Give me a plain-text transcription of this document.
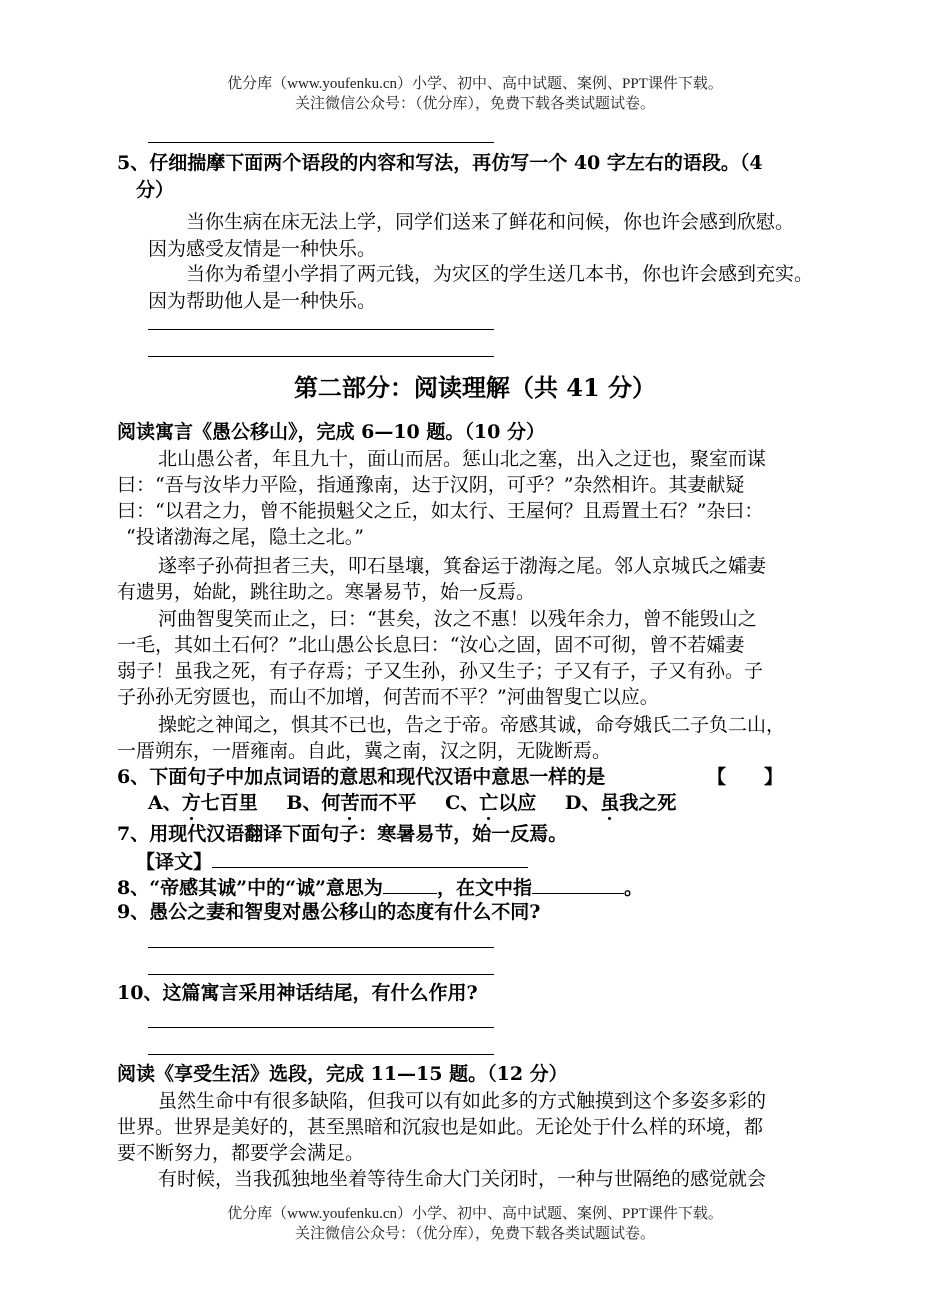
优分库（www.youfenku.cn）小学、初中、高中试题、案例、PPT课件下载。
关注微信公众号：（优分库），免费下载各类试题试卷。
5、仔细揣摩下面两个语段的内容和写法，再仿写一个 40 字左右的语段。（4
分）
当你生病在床无法上学，同学们送来了鲜花和问候，你也许会感到欣慰。
因为感受友情是一种快乐。
当你为希望小学捐了两元钱，为灾区的学生送几本书，你也许会感到充实。
因为帮助他人是一种快乐。
第二部分：阅读理解（共 41 分）
阅读寓言《愚公移山》，完成 6—10 题。（10 分）
北山愚公者，年且九十，面山而居。惩山北之塞，出入之迂也，聚室而谋
曰：“吾与汝毕力平险，指通豫南，达于汉阴，可乎？”杂然相许。其妻献疑
曰：“以君之力，曾不能损魁父之丘，如太行、王屋何？且焉置土石？”杂曰：
“投诸渤海之尾，隐土之北。”
遂率子孙荷担者三夫，叩石垦壤，箕畚运于渤海之尾。邻人京城氏之孀妻
有遗男，始龀，跳往助之。寒暑易节，始一反焉。
河曲智叟笑而止之，曰：“甚矣，汝之不惠！以残年余力，曾不能毁山之
一毛，其如土石何？”北山愚公长息曰：“汝心之固，固不可彻，曾不若孀妻
弱子！虽我之死，有子存焉；子又生孙，孙又生子；子又有子，子又有孙。子
子孙孙无穷匮也，而山不加增，何苦而不平？”河曲智叟亡以应。
操蛇之神闻之，惧其不已也，告之于帝。帝感其诚，命夸娥氏二子负二山，
一厝朔东，一厝雍南。自此，冀之南，汉之阴，无陇断焉。
6、下面句子中加点词语的意思和现代汉语中意思一样的是	【　　】
A、方七百里 B、何苦而不平 C、亡以应 D、虽我之死
7、用现代汉语翻译下面句子：寒暑易节，始一反焉。
【译文】
8、“帝感其诚”中的“诚”意思为	，在文中指	。
9、愚公之妻和智叟对愚公移山的态度有什么不同?
10、这篇寓言采用神话结尾，有什么作用?
阅读《享受生活》选段，完成 11—15 题。（12 分）
虽然生命中有很多缺陷，但我可以有如此多的方式触摸到这个多姿多彩的
世界。世界是美好的，甚至黑暗和沉寂也是如此。无论处于什么样的环境，都
要不断努力，都要学会满足。
有时候，当我孤独地坐着等待生命大门关闭时，一种与世隔绝的感觉就会
优分库（www.youfenku.cn）小学、初中、高中试题、案例、PPT课件下载。
关注微信公众号：（优分库），免费下载各类试题试卷。
